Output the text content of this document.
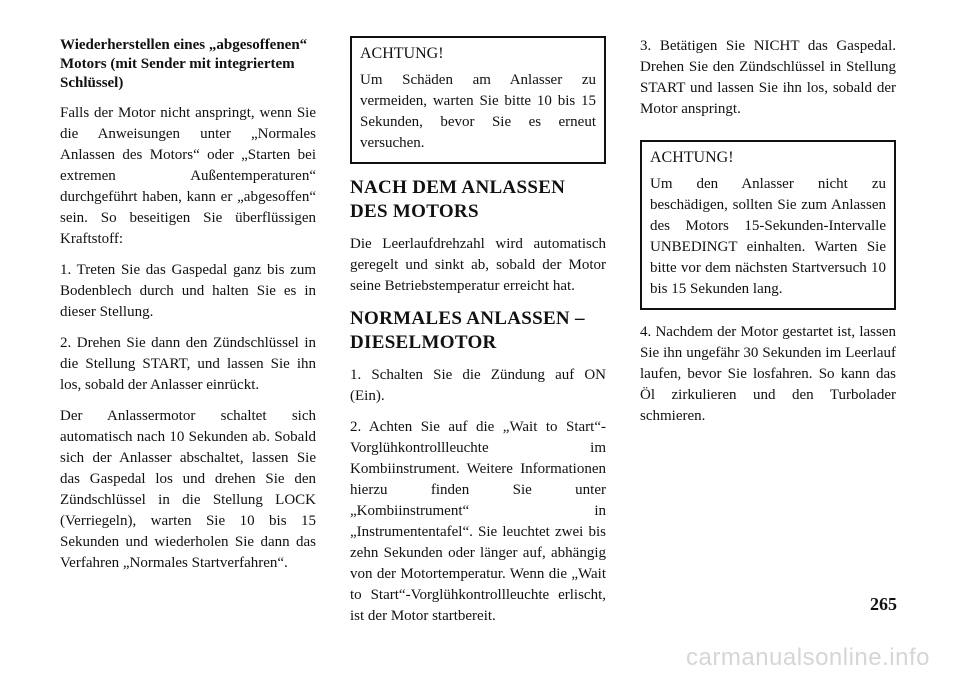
Wiederherstellen eines „abgesoffenen“ Motors (mit Sender mit integriertem Schlüssel)

Falls der Motor nicht anspringt, wenn Sie die Anweisungen unter „Normales Anlassen des Motors“ oder „Starten bei extremen Außentemperaturen“ durchgeführt haben, kann er „abgesoffen“ sein. So beseitigen Sie überflüssigen Kraftstoff:

1. Treten Sie das Gaspedal ganz bis zum Bodenblech durch und halten Sie es in dieser Stellung.

2. Drehen Sie dann den Zündschlüssel in die Stellung START, und lassen Sie ihn los, sobald der Anlasser einrückt.

Der Anlassermotor schaltet sich automatisch nach 10 Sekunden ab. Sobald sich der Anlasser abschaltet, lassen Sie das Gaspedal los und drehen Sie den Zündschlüssel in die Stellung LOCK (Verriegeln), warten Sie 10 bis 15 Sekunden und wiederholen Sie dann das Verfahren „Normales Startverfahren“.

ACHTUNG!

Um Schäden am Anlasser zu vermeiden, warten Sie bitte 10 bis 15 Sekunden, bevor Sie es erneut versuchen.

NACH DEM ANLASSEN DES MOTORS

Die Leerlaufdrehzahl wird automatisch geregelt und sinkt ab, sobald der Motor seine Betriebstemperatur erreicht hat.

NORMALES ANLASSEN – DIESELMOTOR

1. Schalten Sie die Zündung auf ON (Ein).

2. Achten Sie auf die „Wait to Start“-Vorglühkontrollleuchte im Kombiinstrument. Weitere Informationen hierzu finden Sie unter „Kombiinstrument“ in „Instrumententafel“. Sie leuchtet zwei bis zehn Sekunden oder länger auf, abhängig von der Motortemperatur. Wenn die „Wait to Start“-Vorglühkontrollleuchte erlischt, ist der Motor startbereit.

3. Betätigen Sie NICHT das Gaspedal. Drehen Sie den Zündschlüssel in Stellung START und lassen Sie ihn los, sobald der Motor anspringt.

ACHTUNG!

Um den Anlasser nicht zu beschädigen, sollten Sie zum Anlassen des Motors 15-Sekunden-Intervalle UNBEDINGT einhalten. Warten Sie bitte vor dem nächsten Startversuch 10 bis 15 Sekunden lang.

4. Nachdem der Motor gestartet ist, lassen Sie ihn ungefähr 30 Sekunden im Leerlauf laufen, bevor Sie losfahren. So kann das Öl zirkulieren und den Turbolader schmieren.

265
carmanualsonline.info
